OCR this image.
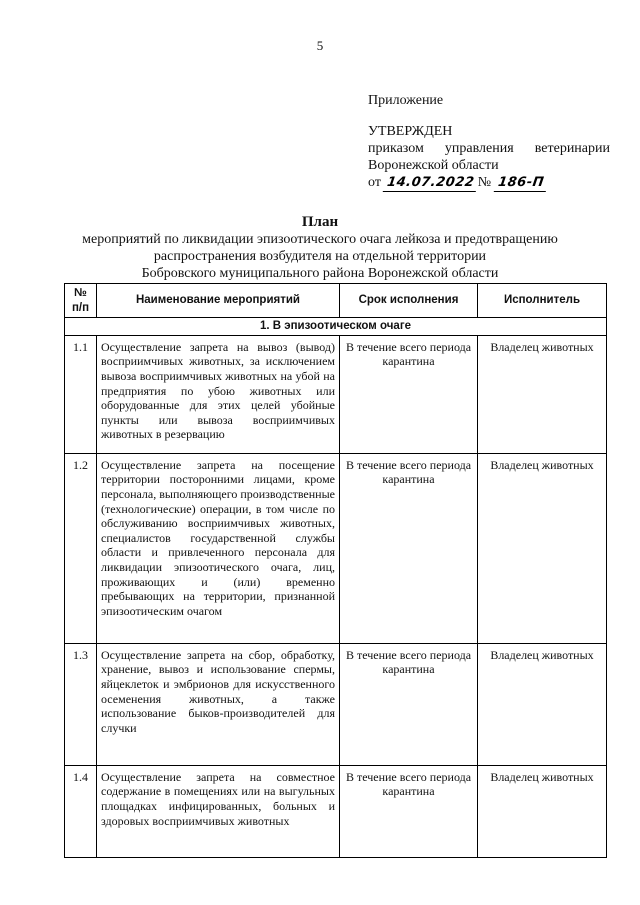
5
Приложение
УТВЕРЖДЕН
приказом управления ветеринарии
Воронежской области
от 14.07.2022 № 186-П
План
мероприятий по ликвидации эпизоотического очага лейкоза и предотвращению
распространения возбудителя на отдельной территории
Бобровского муниципального района Воронежской области
№ п/п	Наименование мероприятий	Срок исполнения	Исполнитель
1. В эпизоотическом очаге			
1.1	Осуществление запрета на вывоз (вывод) восприимчивых животных, за исключением вывоза восприимчивых животных на убой на предприятия по убою животных или оборудованные для этих целей убойные пункты или вывоза восприимчивых животных в резервацию	В течение всего периода карантина	Владелец животных
1.2	Осуществление запрета на посещение территории посторонними лицами, кроме персонала, выполняющего производственные (технологические) операции, в том числе по обслуживанию восприимчивых животных, специалистов государственной службы области и привлеченного персонала для ликвидации эпизоотического очага, лиц, проживающих и (или) временно пребывающих на территории, признанной эпизоотическим очагом	В течение всего периода карантина	Владелец животных
1.3	Осуществление запрета на сбор, обработку, хранение, вывоз и использование спермы, яйцеклеток и эмбрионов для искусственного осеменения животных, а также использование быков-производителей для случки	В течение всего периода карантина	Владелец животных
1.4	Осуществление запрета на совместное содержание в помещениях или на выгульных площадках инфицированных, больных и здоровых восприимчивых животных	В течение всего периода карантина	Владелец животных
